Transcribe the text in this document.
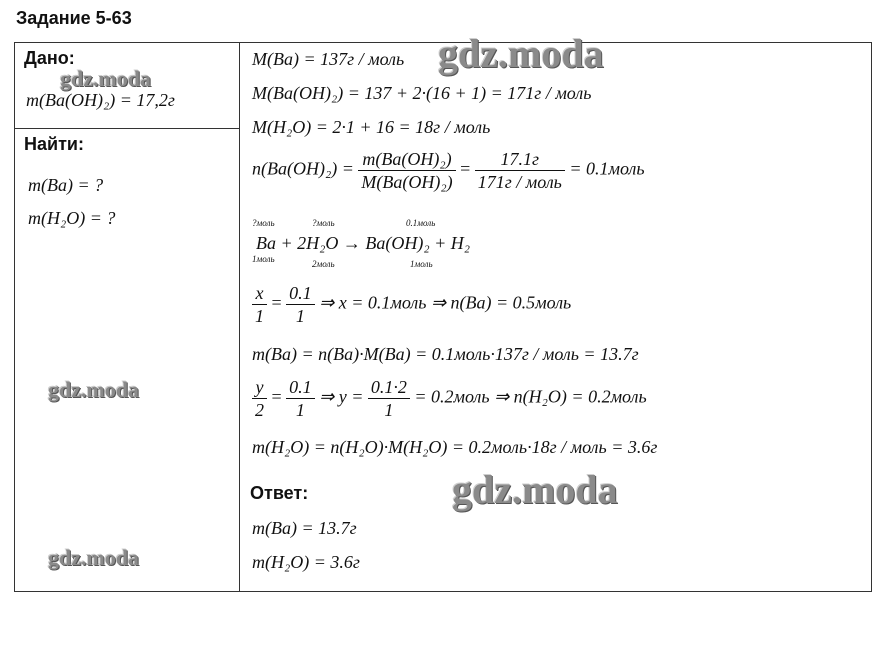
Задание 5-63
Дано:
m(Ba(OH)₂) = 17,2г
Найти:
m(Ba) = ?
m(H₂O) = ?
M(Ba) = 137г / моль
M(Ba(OH)₂) = 137 + 2·(16 + 1) = 171г / моль
M(H₂O) = 2·1 + 16 = 18г / моль
$n(Ba(OH)_2) = \frac{\text{m(Ba(OH)₂)}}{\text{M(Ba(OH)₂)}} = \frac{17.1г}{\text{171г / моль}}$ = 0.1моль
?моль	?моль	0.1моль
Ba + 2H₂O → Ba(OH)₂ + H₂
1моль	2моль	1моль
$\frac{x}{1} = \frac{0.1}{1}$ ⇒ x = 0.1моль ⇒ n(Ba) = 0.5моль
m(Ba) = n(Ba)·M(Ba) = 0.1моль·137г / моль = 13.7г
$\frac{y}{2} = \frac{0.1}{1}$ ⇒ $y = \frac{0.1\cdot 2}{1}$ = 0.2моль ⇒ n(H₂O) = 0.2моль
m(H₂O) = n(H₂O)·M(H₂O) = 0.2моль·18г / моль = 3.6г
Ответ:
m(Ba) = 13.7г
m(H₂O) = 3.6г
gdz.moda
gdz.moda
gdz.moda
gdz.moda
gdz.moda
